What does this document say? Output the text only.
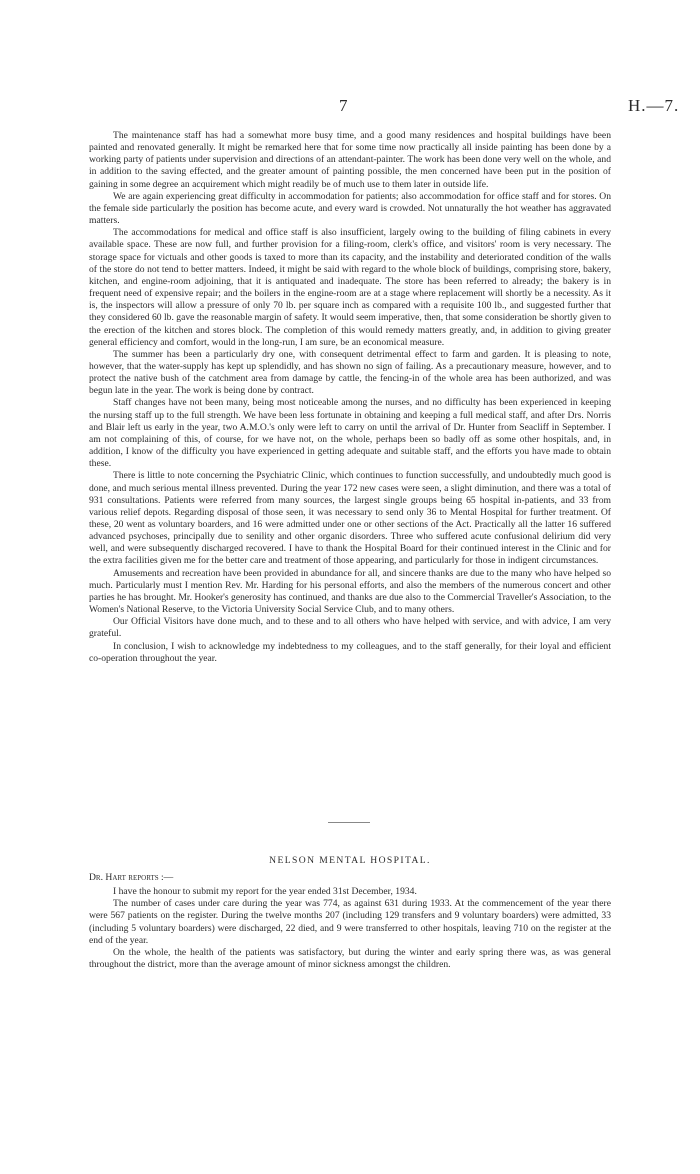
7	H.—7.

The maintenance staff has had a somewhat more busy time, and a good many residences and hospital buildings have been painted and renovated generally. It might be remarked here that for some time now practically all inside painting has been done by a working party of patients under supervision and directions of an attendant-painter. The work has been done very well on the whole, and in addition to the saving effected, and the greater amount of painting possible, the men concerned have been put in the position of gaining in some degree an acquirement which might readily be of much use to them later in outside life.

We are again experiencing great difficulty in accommodation for patients; also accommodation for office staff and for stores. On the female side particularly the position has become acute, and every ward is crowded. Not unnaturally the hot weather has aggravated matters.

The accommodations for medical and office staff is also insufficient, largely owing to the building of filing cabinets in every available space. These are now full, and further provision for a filing-room, clerk's office, and visitors' room is very necessary. The storage space for victuals and other goods is taxed to more than its capacity, and the instability and deteriorated condition of the walls of the store do not tend to better matters. Indeed, it might be said with regard to the whole block of buildings, comprising store, bakery, kitchen, and engine-room adjoining, that it is antiquated and inadequate. The store has been referred to already; the bakery is in frequent need of expensive repair; and the boilers in the engine-room are at a stage where replacement will shortly be a necessity. As it is, the inspectors will allow a pressure of only 70 lb. per square inch as compared with a requisite 100 lb., and suggested further that they considered 60 lb. gave the reasonable margin of safety. It would seem imperative, then, that some consideration be shortly given to the erection of the kitchen and stores block. The completion of this would remedy matters greatly, and, in addition to giving greater general efficiency and comfort, would in the long-run, I am sure, be an economical measure.

The summer has been a particularly dry one, with consequent detrimental effect to farm and garden. It is pleasing to note, however, that the water-supply has kept up splendidly, and has shown no sign of failing. As a precautionary measure, however, and to protect the native bush of the catchment area from damage by cattle, the fencing-in of the whole area has been authorized, and was begun late in the year. The work is being done by contract.

Staff changes have not been many, being most noticeable among the nurses, and no difficulty has been experienced in keeping the nursing staff up to the full strength. We have been less fortunate in obtaining and keeping a full medical staff, and after Drs. Norris and Blair left us early in the year, two A.M.O.'s only were left to carry on until the arrival of Dr. Hunter from Seacliff in September. I am not complaining of this, of course, for we have not, on the whole, perhaps been so badly off as some other hospitals, and, in addition, I know of the difficulty you have experienced in getting adequate and suitable staff, and the efforts you have made to obtain these.

There is little to note concerning the Psychiatric Clinic, which continues to function successfully, and undoubtedly much good is done, and much serious mental illness prevented. During the year 172 new cases were seen, a slight diminution, and there was a total of 931 consultations. Patients were referred from many sources, the largest single groups being 65 hospital in-patients, and 33 from various relief depots. Regarding disposal of those seen, it was necessary to send only 36 to Mental Hospital for further treatment. Of these, 20 went as voluntary boarders, and 16 were admitted under one or other sections of the Act. Practically all the latter 16 suffered advanced psychoses, principally due to senility and other organic disorders. Three who suffered acute confusional delirium did very well, and were subsequently discharged recovered. I have to thank the Hospital Board for their continued interest in the Clinic and for the extra facilities given me for the better care and treatment of those appearing, and particularly for those in indigent circumstances.

Amusements and recreation have been provided in abundance for all, and sincere thanks are due to the many who have helped so much. Particularly must I mention Rev. Mr. Harding for his personal efforts, and also the members of the numerous concert and other parties he has brought. Mr. Hooker's generosity has continued, and thanks are due also to the Commercial Traveller's Association, to the Women's National Reserve, to the Victoria University Social Service Club, and to many others.

Our Official Visitors have done much, and to these and to all others who have helped with service, and with advice, I am very grateful.

In conclusion, I wish to acknowledge my indebtedness to my colleagues, and to the staff generally, for their loyal and efficient co-operation throughout the year.

NELSON MENTAL HOSPITAL.

Dr. Hart reports :—

I have the honour to submit my report for the year ended 31st December, 1934.

The number of cases under care during the year was 774, as against 631 during 1933. At the commencement of the year there were 567 patients on the register. During the twelve months 207 (including 129 transfers and 9 voluntary boarders) were admitted, 33 (including 5 voluntary boarders) were discharged, 22 died, and 9 were transferred to other hospitals, leaving 710 on the register at the end of the year.

On the whole, the health of the patients was satisfactory, but during the winter and early spring there was, as was general throughout the district, more than the average amount of minor sickness amongst the children.
